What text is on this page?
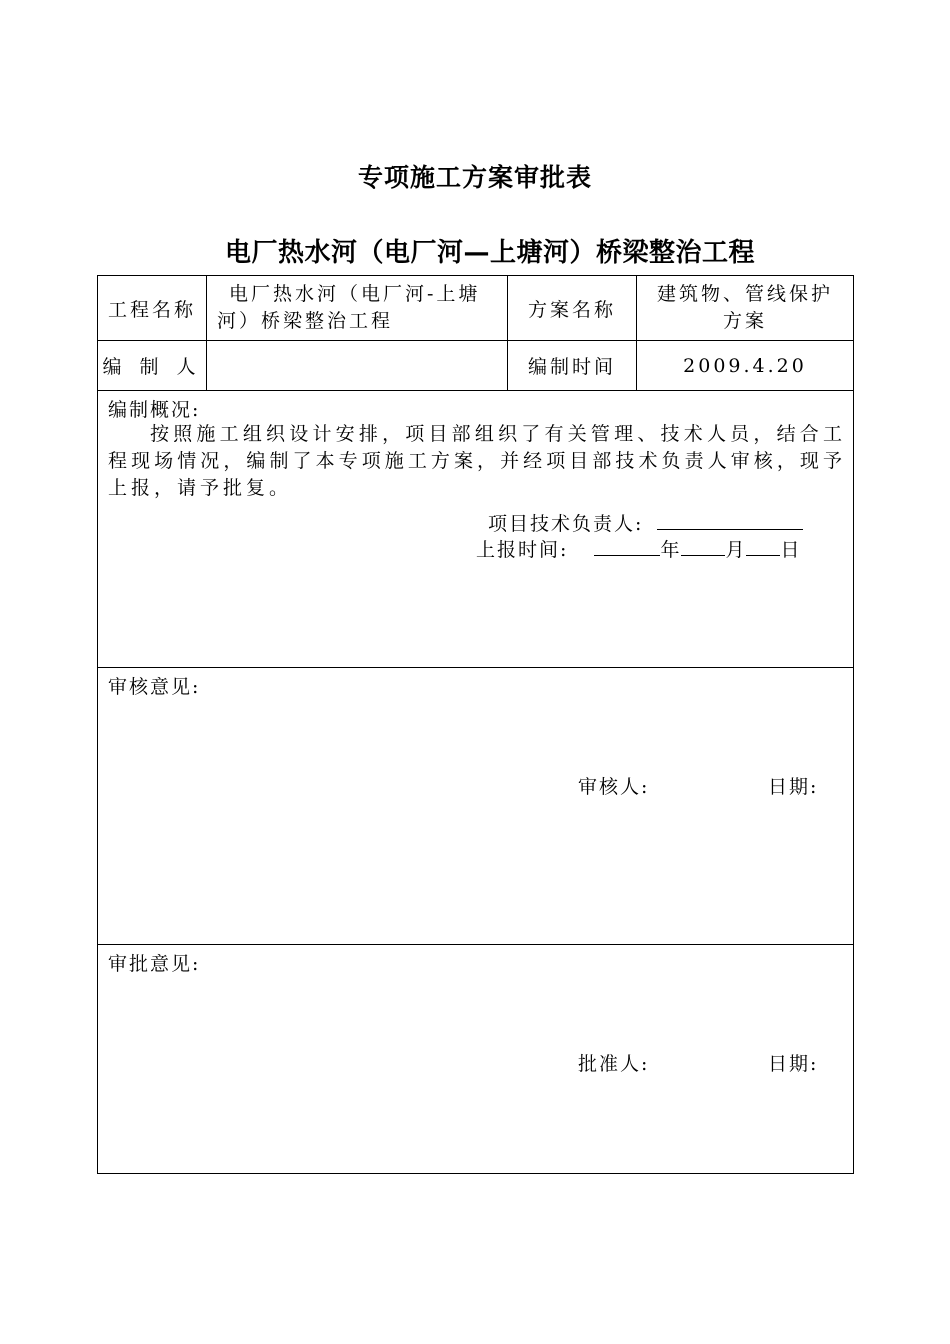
专项施工方案审批表
电厂热水河（电厂河—上塘河）桥梁整治工程
工程名称	电厂热水河（电厂河-上塘河）桥梁整治工程	方案名称	建筑物、管线保护方案
编 制 人		编制时间	2009.4.20

编制概况:

按照施工组织设计安排，项目部组织了有关管理、技术人员，结合工程现场情况，编制了本专项施工方案，并经项目部技术负责人审核，现予上报，请予批复。

项目技术负责人:
上报时间: 年 月 日			

审核意见:
审核人: 日期:			

审批意见:
批准人: 日期:			
